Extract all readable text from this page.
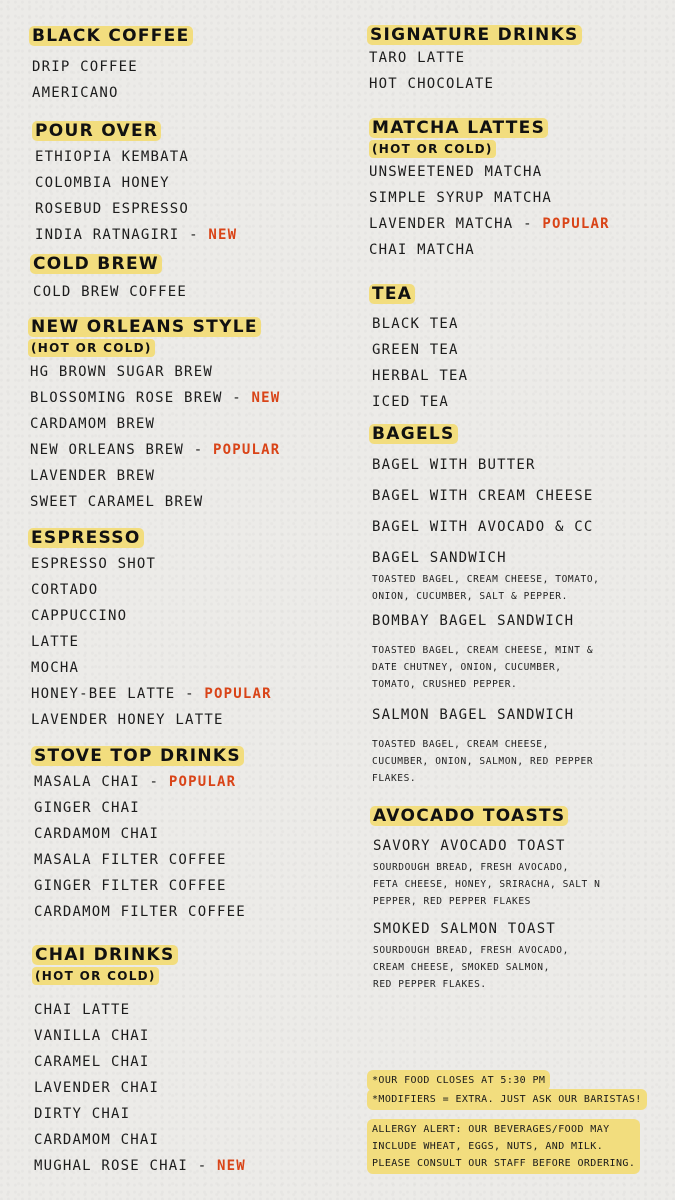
BLACK COFFEE
DRIP COFFEE
AMERICANO
POUR OVER
ETHIOPIA KEMBATA
COLOMBIA HONEY
ROSEBUD ESPRESSO
INDIA RATNAGIRI - NEW
COLD BREW
COLD BREW COFFEE
NEW ORLEANS STYLE
(HOT OR COLD)
HG BROWN SUGAR BREW
BLOSSOMING ROSE BREW - NEW
CARDAMOM BREW
NEW ORLEANS BREW - POPULAR
LAVENDER BREW
SWEET CARAMEL BREW
ESPRESSO
ESPRESSO SHOT
CORTADO
CAPPUCCINO
LATTE
MOCHA
HONEY-BEE LATTE - POPULAR
LAVENDER HONEY LATTE
STOVE TOP DRINKS
MASALA CHAI - POPULAR
GINGER CHAI
CARDAMOM CHAI
MASALA FILTER COFFEE
GINGER FILTER COFFEE
CARDAMOM FILTER COFFEE
CHAI DRINKS
(HOT OR COLD)
CHAI LATTE
VANILLA CHAI
CARAMEL CHAI
LAVENDER CHAI
DIRTY CHAI
CARDAMOM CHAI
MUGHAL ROSE CHAI - NEW
SIGNATURE DRINKS
TARO LATTE
HOT CHOCOLATE
MATCHA LATTES
(HOT OR COLD)
UNSWEETENED MATCHA
SIMPLE SYRUP MATCHA
LAVENDER MATCHA - POPULAR
CHAI MATCHA
TEA
BLACK TEA
GREEN TEA
HERBAL TEA
ICED TEA
BAGELS
BAGEL WITH BUTTER
BAGEL WITH CREAM CHEESE
BAGEL WITH AVOCADO & CC
BAGEL SANDWICH
TOASTED BAGEL, CREAM CHEESE, TOMATO,
ONION, CUCUMBER, SALT & PEPPER.
BOMBAY BAGEL SANDWICH
TOASTED BAGEL, CREAM CHEESE, MINT &
DATE CHUTNEY, ONION, CUCUMBER,
TOMATO, CRUSHED PEPPER.
SALMON BAGEL SANDWICH
TOASTED BAGEL, CREAM CHEESE,
CUCUMBER, ONION, SALMON, RED PEPPER
FLAKES.
AVOCADO TOASTS
SAVORY AVOCADO TOAST
SOURDOUGH BREAD, FRESH AVOCADO,
FETA CHEESE, HONEY, SRIRACHA, SALT N
PEPPER, RED PEPPER FLAKES
SMOKED SALMON TOAST
SOURDOUGH BREAD, FRESH AVOCADO,
CREAM CHEESE, SMOKED SALMON,
RED PEPPER FLAKES.
*OUR FOOD CLOSES AT 5:30 PM
*MODIFIERS = EXTRA. JUST ASK OUR BARISTAS!
ALLERGY ALERT: OUR BEVERAGES/FOOD MAY
INCLUDE WHEAT, EGGS, NUTS, AND MILK.
PLEASE CONSULT OUR STAFF BEFORE ORDERING.
